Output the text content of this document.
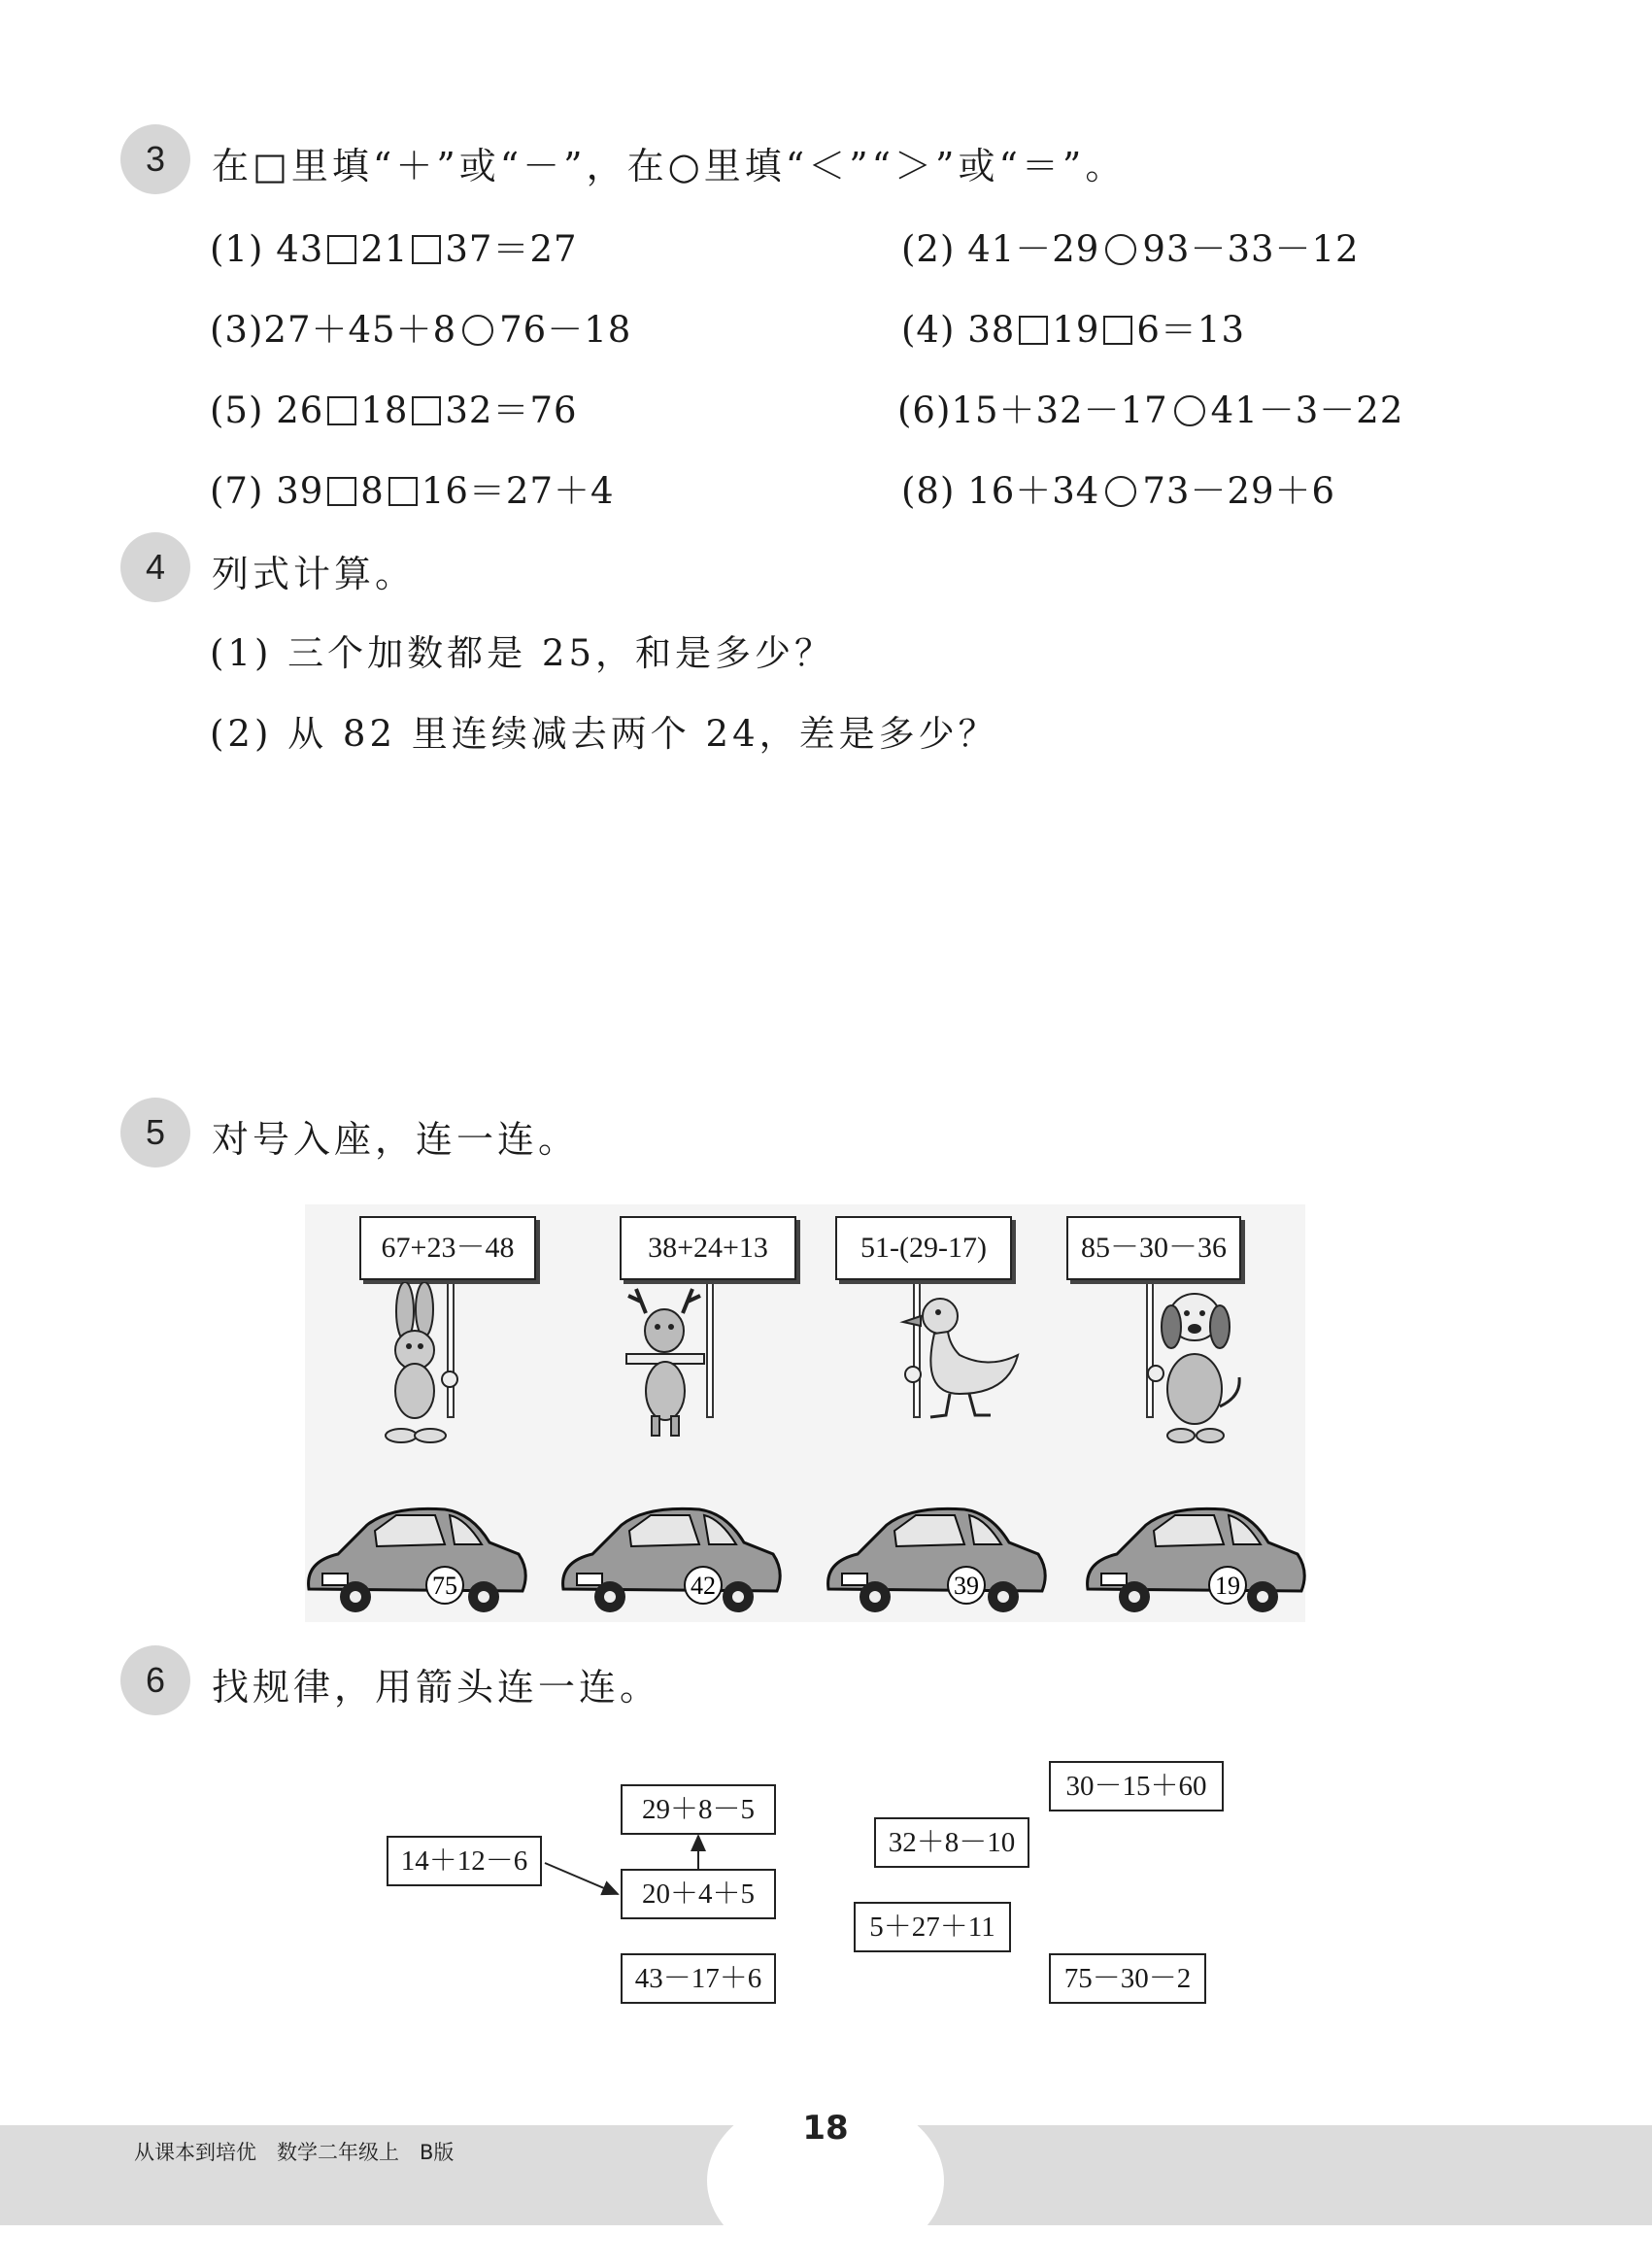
3	在□里填“＋”或“－”，在○里填“＜”“＞”或“＝”。
(1) 43 21 37＝27	(2) 41－29 93－33－12
(3)27＋45＋8 76－18	(4) 38 19 6＝13
(5) 26 18 32＝76	(6)15＋32－17 41－3－22
(7) 39 8 16＝27＋4	(8) 16＋34 73－29＋6
4	列式计算。
(1) 三个加数都是 25，和是多少？
(2) 从 82 里连续减去两个 24，差是多少？
5	对号入座，连一连。
67+23－48	38+24+13	51-(29-17)	85－30－36
75	42	39	19
6	找规律，用箭头连一连。
14＋12－6
29＋8－5
20＋4＋5
43－17＋6
32＋8－10
5＋27＋11
30－15＋60
75－30－2
从课本到培优　数学二年级上　B版
18
